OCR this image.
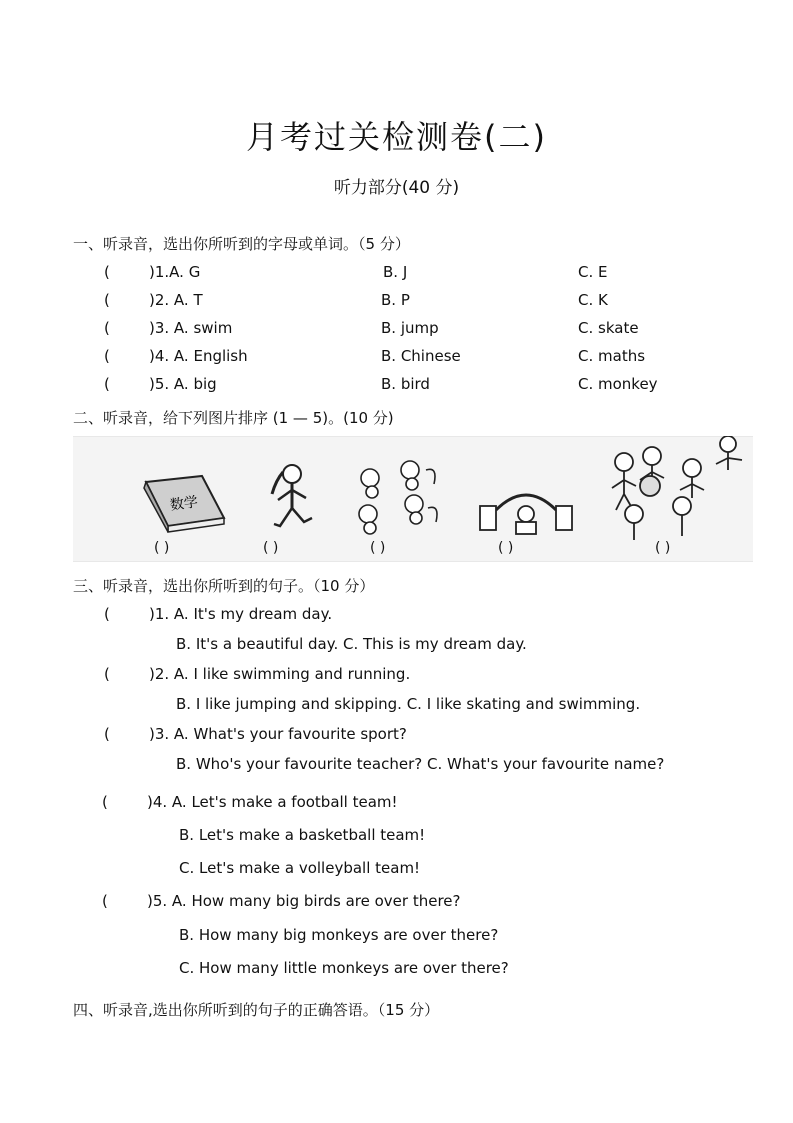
月考过关检测卷(二)
听力部分(40 分)
一、听录音，选出你所听到的字母或单词。（5 分）
(	)1.A. G	B. J	C. E
(	)2. A. T	B. P	C. K
(	)3. A. swim	B. jump	C. skate
(	)4. A. English	B. Chinese	C. maths
(	)5. A. big	B. bird	C. monkey
二、听录音，给下列图片排序 (1 — 5)。(10 分)
数学
( )	( )	( )	( )	( )
三、听录音，选出你所听到的句子。（10 分）
(	)1. A. It's my dream day.
B. It's a beautiful day. C. This is my dream day.
(	)2. A. I like swimming and running.
B. I like jumping and skipping. C. I like skating and swimming.
(	)3. A. What's your favourite sport?
B. Who's your favourite teacher? C. What's your favourite name?
(	)4. A. Let's make a football team!
B. Let's make a basketball team!
C. Let's make a volleyball team!
(	)5. A. How many big birds are over there?
B. How many big monkeys are over there?
C. How many little monkeys are over there?
四、听录音,选出你所听到的句子的正确答语。（15 分）
